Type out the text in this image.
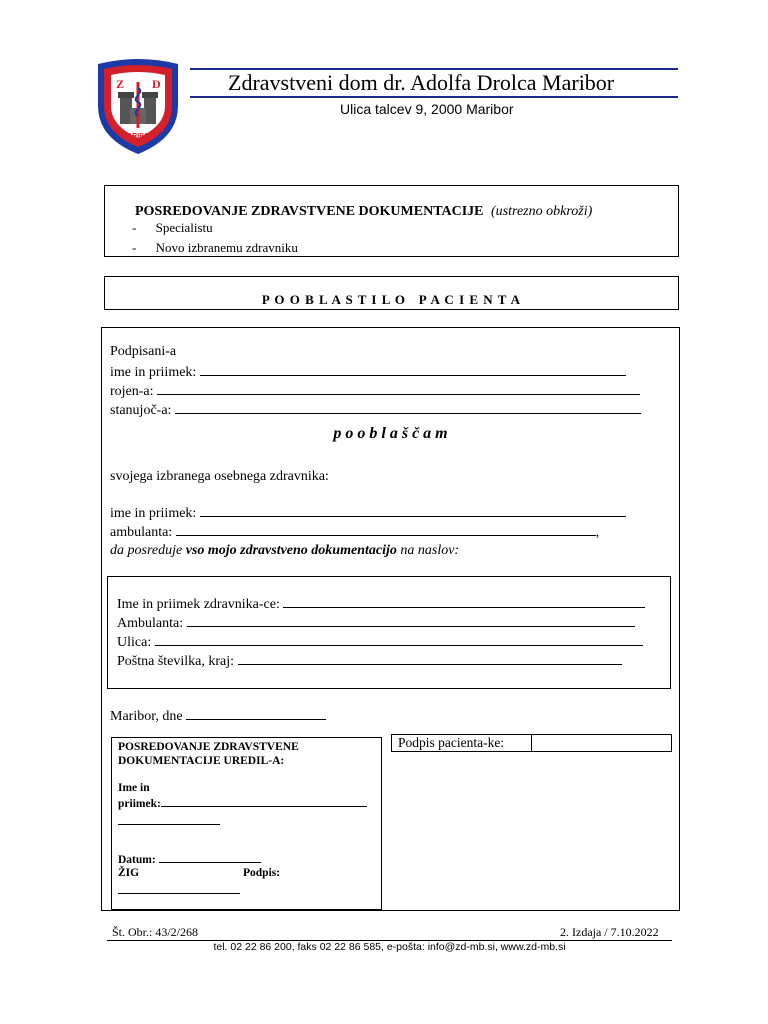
Z D
MARIBOR
Zdravstveni dom dr. Adolfa Drolca Maribor
Ulica talcev 9, 2000 Maribor
POSREDOVANJE ZDRAVSTVENE DOKUMENTACIJE (ustrezno obkroži)
- Specialistu
- Novo izbranemu zdravniku
P O O B L A S T I L O   P A C I E N T A
Podpisani-a
ime in priimek:
rojen-a:
stanujoč-a:
p o o b l a š č a m
svojega izbranega osebnega zdravnika:
ime in priimek:
ambulanta:	,
da posreduje vso mojo zdravstveno dokumentacijo na naslov:
Ime in priimek zdravnika-ce:
Ambulanta:
Ulica:
Poštna številka, kraj:
Maribor, dne
POSREDOVANJE ZDRAVSTVENE
DOKUMENTACIJE UREDIL-A:
Ime in
priimek:
Datum:
ŽIG	Podpis:
Podpis pacienta-ke:
Št. Obr.: 43/2/268	2. Izdaja / 7.10.2022
tel. 02 22 86 200, faks 02 22 86 585, e-pošta: info@zd-mb.si, www.zd-mb.si
